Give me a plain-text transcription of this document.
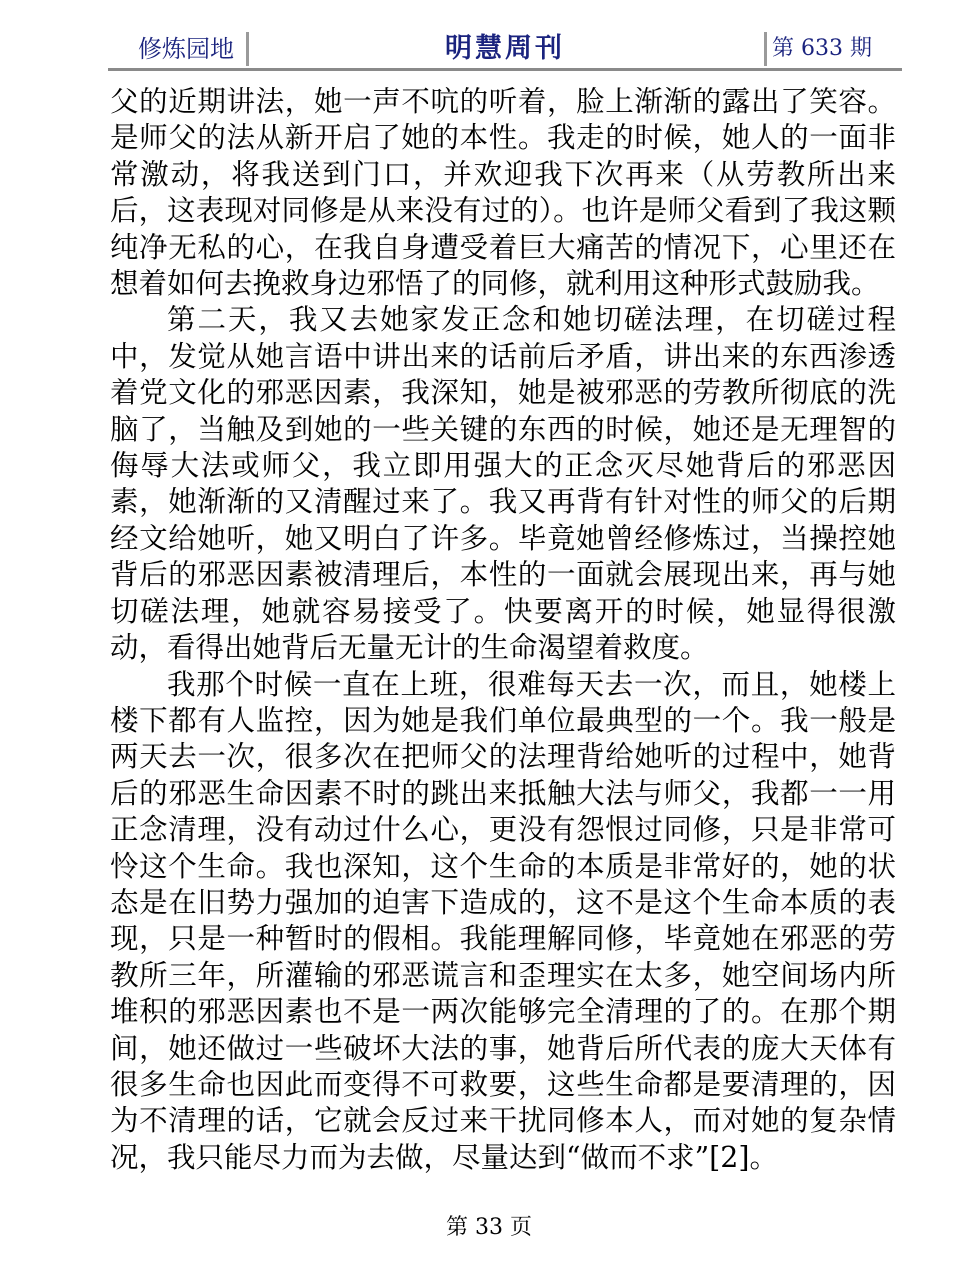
修炼园地	明慧周刊	第 633 期

父的近期讲法，她一声不吭的听着，脸上渐渐的露出了笑容。是师父的法从新开启了她的本性。我走的时候，她人的一面非常激动，将我送到门口，并欢迎我下次再来（从劳教所出来后，这表现对同修是从来没有过的）。也许是师父看到了我这颗纯净无私的心，在我自身遭受着巨大痛苦的情况下，心里还在想着如何去挽救身边邪悟了的同修，就利用这种形式鼓励我。

第二天，我又去她家发正念和她切磋法理，在切磋过程中，发觉从她言语中讲出来的话前后矛盾，讲出来的东西渗透着党文化的邪恶因素，我深知，她是被邪恶的劳教所彻底的洗脑了，当触及到她的一些关键的东西的时候，她还是无理智的侮辱大法或师父，我立即用强大的正念灭尽她背后的邪恶因素，她渐渐的又清醒过来了。我又再背有针对性的师父的后期经文给她听，她又明白了许多。毕竟她曾经修炼过，当操控她背后的邪恶因素被清理后，本性的一面就会展现出来，再与她切磋法理，她就容易接受了。快要离开的时候，她显得很激动，看得出她背后无量无计的生命渴望着救度。

我那个时候一直在上班，很难每天去一次，而且，她楼上楼下都有人监控，因为她是我们单位最典型的一个。我一般是两天去一次，很多次在把师父的法理背给她听的过程中，她背后的邪恶生命因素不时的跳出来抵触大法与师父，我都一一用正念清理，没有动过什么心，更没有怨恨过同修，只是非常可怜这个生命。我也深知，这个生命的本质是非常好的，她的状态是在旧势力强加的迫害下造成的，这不是这个生命本质的表现，只是一种暂时的假相。我能理解同修，毕竟她在邪恶的劳教所三年，所灌输的邪恶谎言和歪理实在太多，她空间场内所堆积的邪恶因素也不是一两次能够完全清理的了的。在那个期间，她还做过一些破坏大法的事，她背后所代表的庞大天体有很多生命也因此而变得不可救要，这些生命都是要清理的，因为不清理的话，它就会反过来干扰同修本人，而对她的复杂情况，我只能尽力而为去做，尽量达到“做而不求”[2]。

第 33 页
